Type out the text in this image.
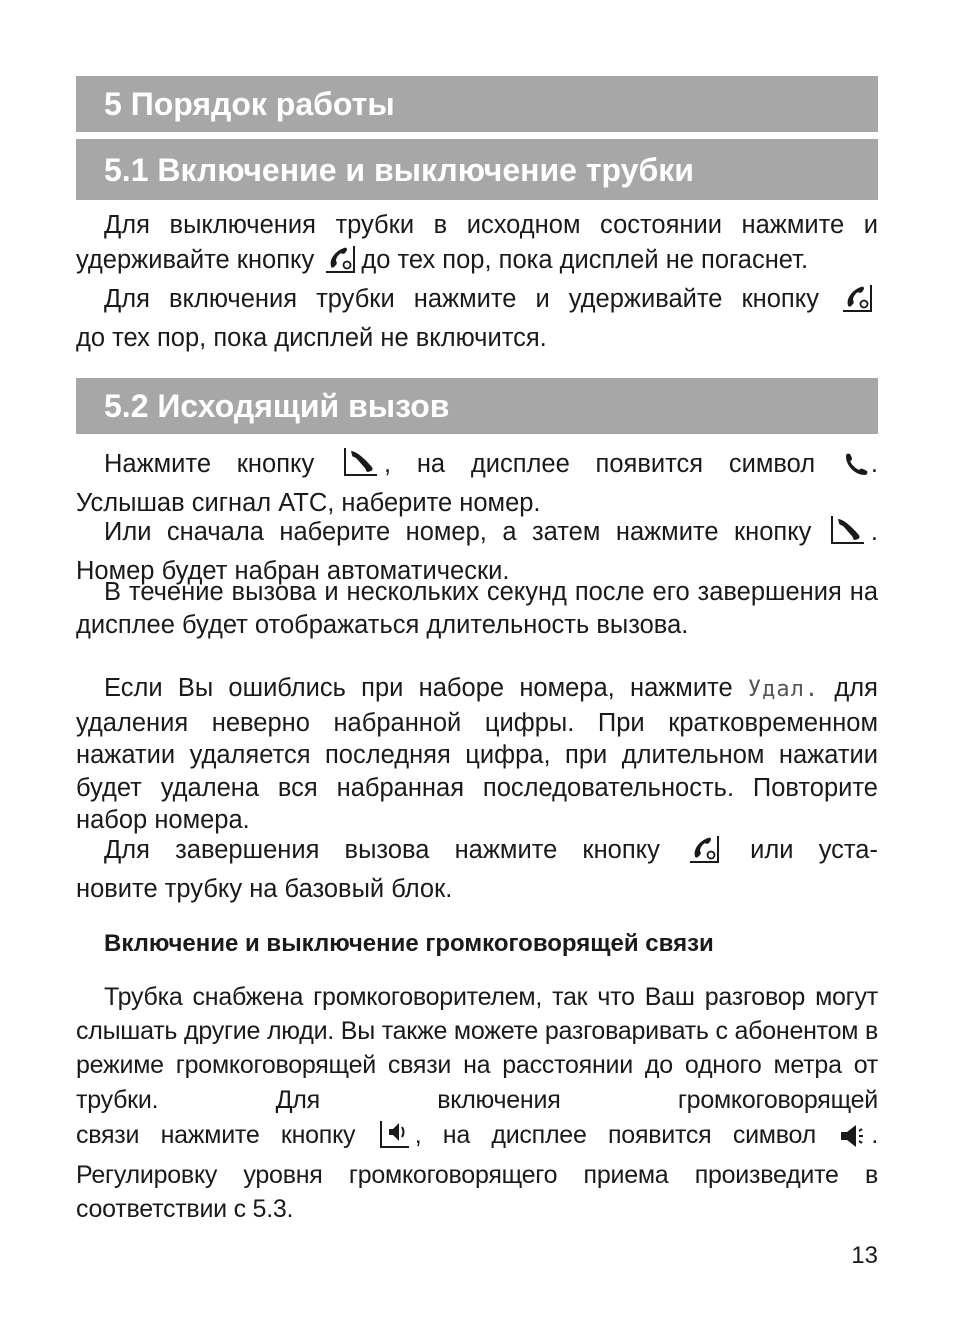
5 Порядок работы
5.1 Включение и выключение трубки
Для выключения трубки в исходном состоянии нажмите и
удерживайте кнопку до тех пор, пока дисплей не погаснет.
Для включения трубки нажмите и удерживайте кнопку
до тех пор, пока дисплей не включится.
5.2 Исходящий вызов
Нажмите кнопку	, на дисплее появится символ .
Услышав сигнал АТС, наберите номер.
Или сначала наберите номер, а затем нажмите кнопку .
Номер будет набран автоматически.

В течение вызова и нескольких секунд после его завершения на дисплее будет отображаться длительность вызова.

Если Вы ошиблись при наборе номера, нажмите Удал. для удаления неверно набранной цифры. При кратковременном нажатии удаляется последняя цифра, при длительном нажатии будет удалена вся набранная последовательность. Повторите набор номера.

Для завершения вызова нажмите кнопку	или уста-
новите трубку на базовый блок.
Включение и выключение громкоговорящей связи

Трубка снабжена громкоговорителем, так что Ваш разговор могут слышать другие люди. Вы также можете разговаривать с абонентом в режиме громкоговорящей связи на расстоянии до одного метра от трубки. Для включения громкоговорящей

связи нажмите кнопку , на дисплее появится символ .

Регулировку уровня громкоговорящего приема произведите в соответствии с 5.3.

13
